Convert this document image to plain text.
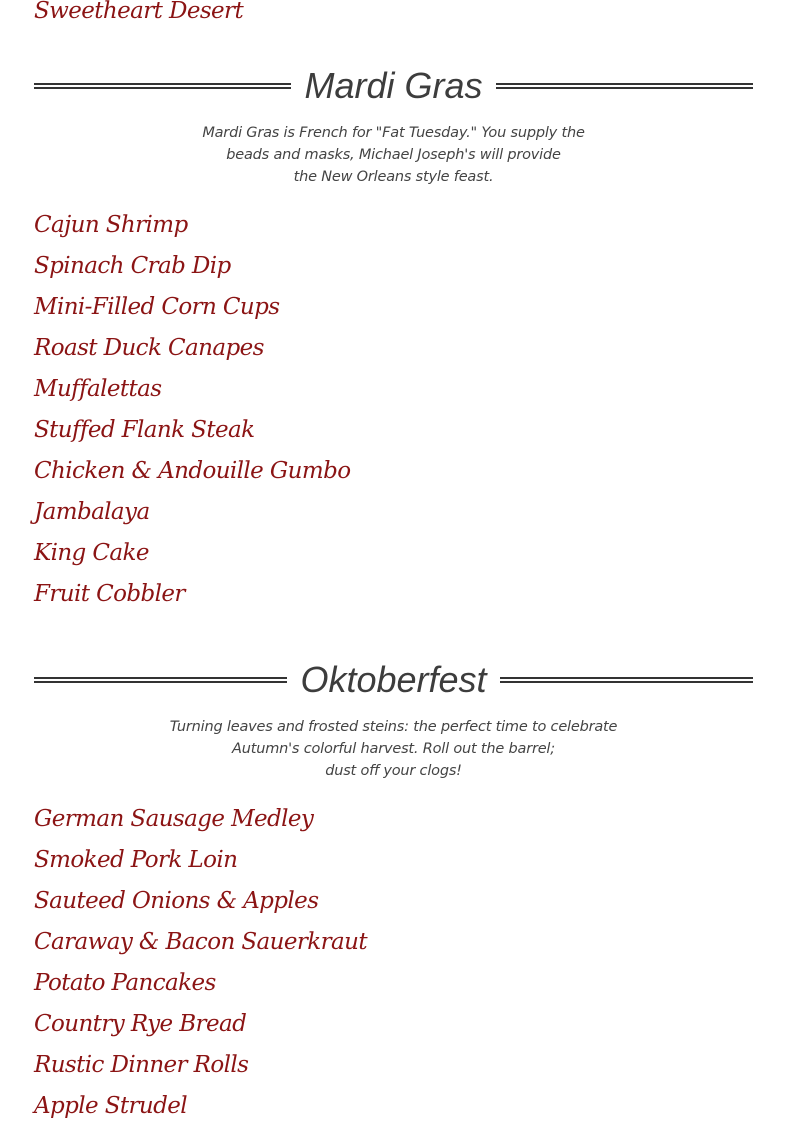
Sweetheart Desert
Mardi Gras
Mardi Gras is French for "Fat Tuesday." You supply the
beads and masks, Michael Joseph's will provide
the New Orleans style feast.
Cajun Shrimp
Spinach Crab Dip
Mini-Filled Corn Cups
Roast Duck Canapes
Muffalettas
Stuffed Flank Steak
Chicken & Andouille Gumbo
Jambalaya
King Cake
Fruit Cobbler
Oktoberfest
Turning leaves and frosted steins: the perfect time to celebrate
Autumn's colorful harvest. Roll out the barrel;
dust off your clogs!
German Sausage Medley
Smoked Pork Loin
Sauteed Onions & Apples
Caraway & Bacon Sauerkraut
Potato Pancakes
Country Rye Bread
Rustic Dinner Rolls
Apple Strudel
